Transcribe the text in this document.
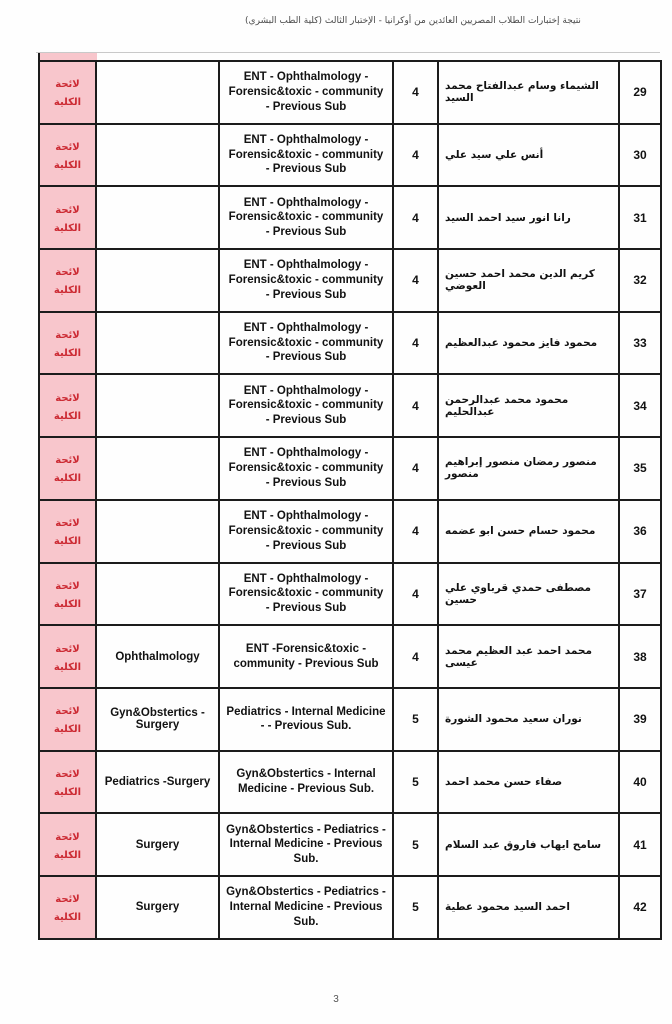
نتيجة إختبارات الطلاب المصريين العائدين من أوكرانيا - الإختبار الثالث (كلية الطب البشري)
لائحة الكلية		ENT - Ophthalmology - Forensic&toxic - community - Previous Sub	4	الشيماء وسام عبدالفتاح محمد السيد	29
لائحة الكلية		ENT - Ophthalmology - Forensic&toxic - community - Previous Sub	4	أنس علي سيد علي	30
لائحة الكلية		ENT - Ophthalmology - Forensic&toxic - community - Previous Sub	4	رانا انور سيد احمد السيد	31
لائحة الكلية		ENT - Ophthalmology - Forensic&toxic - community - Previous Sub	4	كريم الدين محمد احمد حسين العوضي	32
لائحة الكلية		ENT - Ophthalmology - Forensic&toxic - community - Previous Sub	4	محمود فايز محمود عبدالعظيم	33
لائحة الكلية		ENT - Ophthalmology - Forensic&toxic - community - Previous Sub	4	محمود محمد عبدالرحمن عبدالحليم	34
لائحة الكلية		ENT - Ophthalmology - Forensic&toxic - community - Previous Sub	4	منصور رمضان منصور إبراهيم منصور	35
لائحة الكلية		ENT - Ophthalmology - Forensic&toxic - community - Previous Sub	4	محمود حسام حسن ابو عضمه	36
لائحة الكلية		ENT - Ophthalmology - Forensic&toxic - community - Previous Sub	4	مصطفى حمدي قرباوي علي حسين	37
لائحة الكلية	Ophthalmology	ENT -Forensic&toxic - community - Previous Sub	4	محمد احمد عبد العظيم محمد عيسى	38
لائحة الكلية	Gyn&Obstertics - Surgery	Pediatrics - Internal Medicine - - Previous Sub.	5	نوران سعيد محمود الشورة	39
لائحة الكلية	Pediatrics -Surgery	Gyn&Obstertics - Internal Medicine - Previous Sub.	5	صفاء حسن محمد احمد	40
لائحة الكلية	Surgery	Gyn&Obstertics - Pediatrics - Internal Medicine - Previous Sub.	5	سامح ايهاب فاروق عبد السلام	41
لائحة الكلية	Surgery	Gyn&Obstertics - Pediatrics - Internal Medicine - Previous Sub.	5	احمد السيد محمود عطية	42
3
